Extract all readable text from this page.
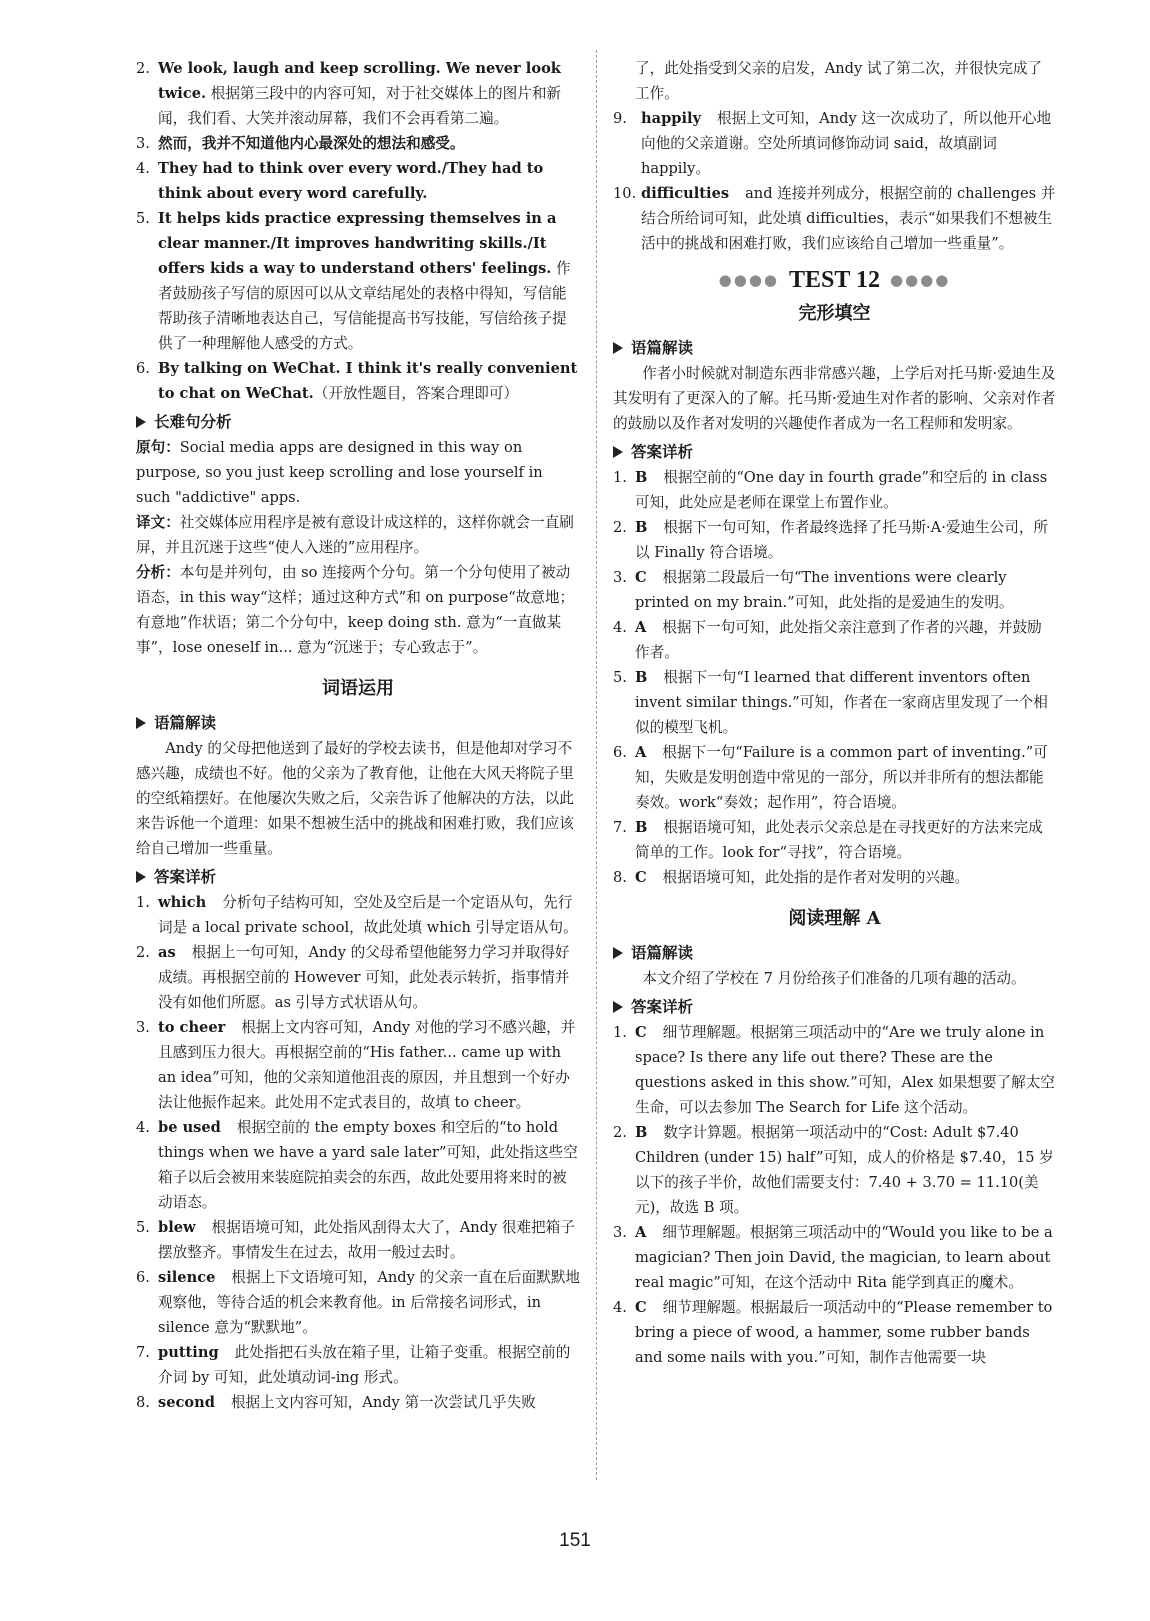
2. We look, laugh and keep scrolling. We never look twice. 根据第三段中的内容可知，对于社交媒体上的图片和新闻，我们看、大笑并滚动屏幕，我们不会再看第二遍。

3. 然而，我并不知道他内心最深处的想法和感受。

4. They had to think over every word./They had to think about every word carefully.

5. It helps kids practice expressing themselves in a clear manner./It improves handwriting skills./It offers kids a way to understand others' feelings. 作者鼓励孩子写信的原因可以从文章结尾处的表格中得知，写信能帮助孩子清晰地表达自己，写信能提高书写技能，写信给孩子提供了一种理解他人感受的方式。

6. By talking on WeChat. I think it's really convenient to chat on WeChat.（开放性题目，答案合理即可）

长难句分析

原句：Social media apps are designed in this way on purpose, so you just keep scrolling and lose yourself in such "addictive" apps.

译文：社交媒体应用程序是被有意设计成这样的，这样你就会一直刷屏，并且沉迷于这些“使人入迷的”应用程序。

分析：本句是并列句，由 so 连接两个分句。第一个分句使用了被动语态，in this way“这样；通过这种方式”和 on purpose“故意地；有意地”作状语；第二个分句中，keep doing sth. 意为“一直做某事”，lose oneself in... 意为“沉迷于；专心致志于”。

词语运用
语篇解读

Andy 的父母把他送到了最好的学校去读书，但是他却对学习不感兴趣，成绩也不好。他的父亲为了教育他，让他在大风天将院子里的空纸箱摆好。在他屡次失败之后，父亲告诉了他解决的方法，以此来告诉他一个道理：如果不想被生活中的挑战和困难打败，我们应该给自己增加一些重量。

答案详析

1. which 分析句子结构可知，空处及空后是一个定语从句，先行词是 a local private school，故此处填 which 引导定语从句。

2. as 根据上一句可知，Andy 的父母希望他能努力学习并取得好成绩。再根据空前的 However 可知，此处表示转折，指事情并没有如他们所愿。as 引导方式状语从句。

3. to cheer 根据上文内容可知，Andy 对他的学习不感兴趣，并且感到压力很大。再根据空前的“His father... came up with an idea”可知，他的父亲知道他沮丧的原因，并且想到一个好办法让他振作起来。此处用不定式表目的，故填 to cheer。

4. be used 根据空前的 the empty boxes 和空后的“to hold things when we have a yard sale later”可知，此处指这些空箱子以后会被用来装庭院拍卖会的东西，故此处要用将来时的被动语态。

5. blew 根据语境可知，此处指风刮得太大了，Andy 很难把箱子摆放整齐。事情发生在过去，故用一般过去时。

6. silence 根据上下文语境可知，Andy 的父亲一直在后面默默地观察他，等待合适的机会来教育他。in 后常接名词形式，in silence 意为“默默地”。

7. putting 此处指把石头放在箱子里，让箱子变重。根据空前的介词 by 可知，此处填动词-ing 形式。

8. second 根据上文内容可知，Andy 第一次尝试几乎失败

了，此处指受到父亲的启发，Andy 试了第二次，并很快完成了工作。

9. happily 根据上文可知，Andy 这一次成功了，所以他开心地向他的父亲道谢。空处所填词修饰动词 said，故填副词 happily。

10. difficulties and 连接并列成分，根据空前的 challenges 并结合所给词可知，此处填 difficulties，表示“如果我们不想被生活中的挑战和困难打败，我们应该给自己增加一些重量”。

●●●● TEST 12 ●●●●
完形填空
语篇解读

作者小时候就对制造东西非常感兴趣，上学后对托马斯·爱迪生及其发明有了更深入的了解。托马斯·爱迪生对作者的影响、父亲对作者的鼓励以及作者对发明的兴趣使作者成为一名工程师和发明家。

答案详析

1. B 根据空前的“One day in fourth grade”和空后的 in class 可知，此处应是老师在课堂上布置作业。

2. B 根据下一句可知，作者最终选择了托马斯·A·爱迪生公司，所以 Finally 符合语境。

3. C 根据第二段最后一句“The inventions were clearly printed on my brain.”可知，此处指的是爱迪生的发明。

4. A 根据下一句可知，此处指父亲注意到了作者的兴趣，并鼓励作者。

5. B 根据下一句“I learned that different inventors often invent similar things.”可知，作者在一家商店里发现了一个相似的模型飞机。

6. A 根据下一句“Failure is a common part of inventing.”可知，失败是发明创造中常见的一部分，所以并非所有的想法都能奏效。work“奏效；起作用”，符合语境。

7. B 根据语境可知，此处表示父亲总是在寻找更好的方法来完成简单的工作。look for“寻找”，符合语境。

8. C 根据语境可知，此处指的是作者对发明的兴趣。

阅读理解 A
语篇解读

本文介绍了学校在 7 月份给孩子们准备的几项有趣的活动。

答案详析

1. C 细节理解题。根据第三项活动中的“Are we truly alone in space? Is there any life out there? These are the questions asked in this show.”可知，Alex 如果想要了解太空生命，可以去参加 The Search for Life 这个活动。

2. B 数字计算题。根据第一项活动中的“Cost: Adult $7.40 Children (under 15) half”可知，成人的价格是 $7.40，15 岁以下的孩子半价，故他们需要支付：7.40 + 3.70 = 11.10(美元)，故选 B 项。

3. A 细节理解题。根据第三项活动中的“Would you like to be a magician? Then join David, the magician, to learn about real magic”可知，在这个活动中 Rita 能学到真正的魔术。

4. C 细节理解题。根据最后一项活动中的“Please remember to bring a piece of wood, a hammer, some rubber bands and some nails with you.”可知，制作吉他需要一块

151
